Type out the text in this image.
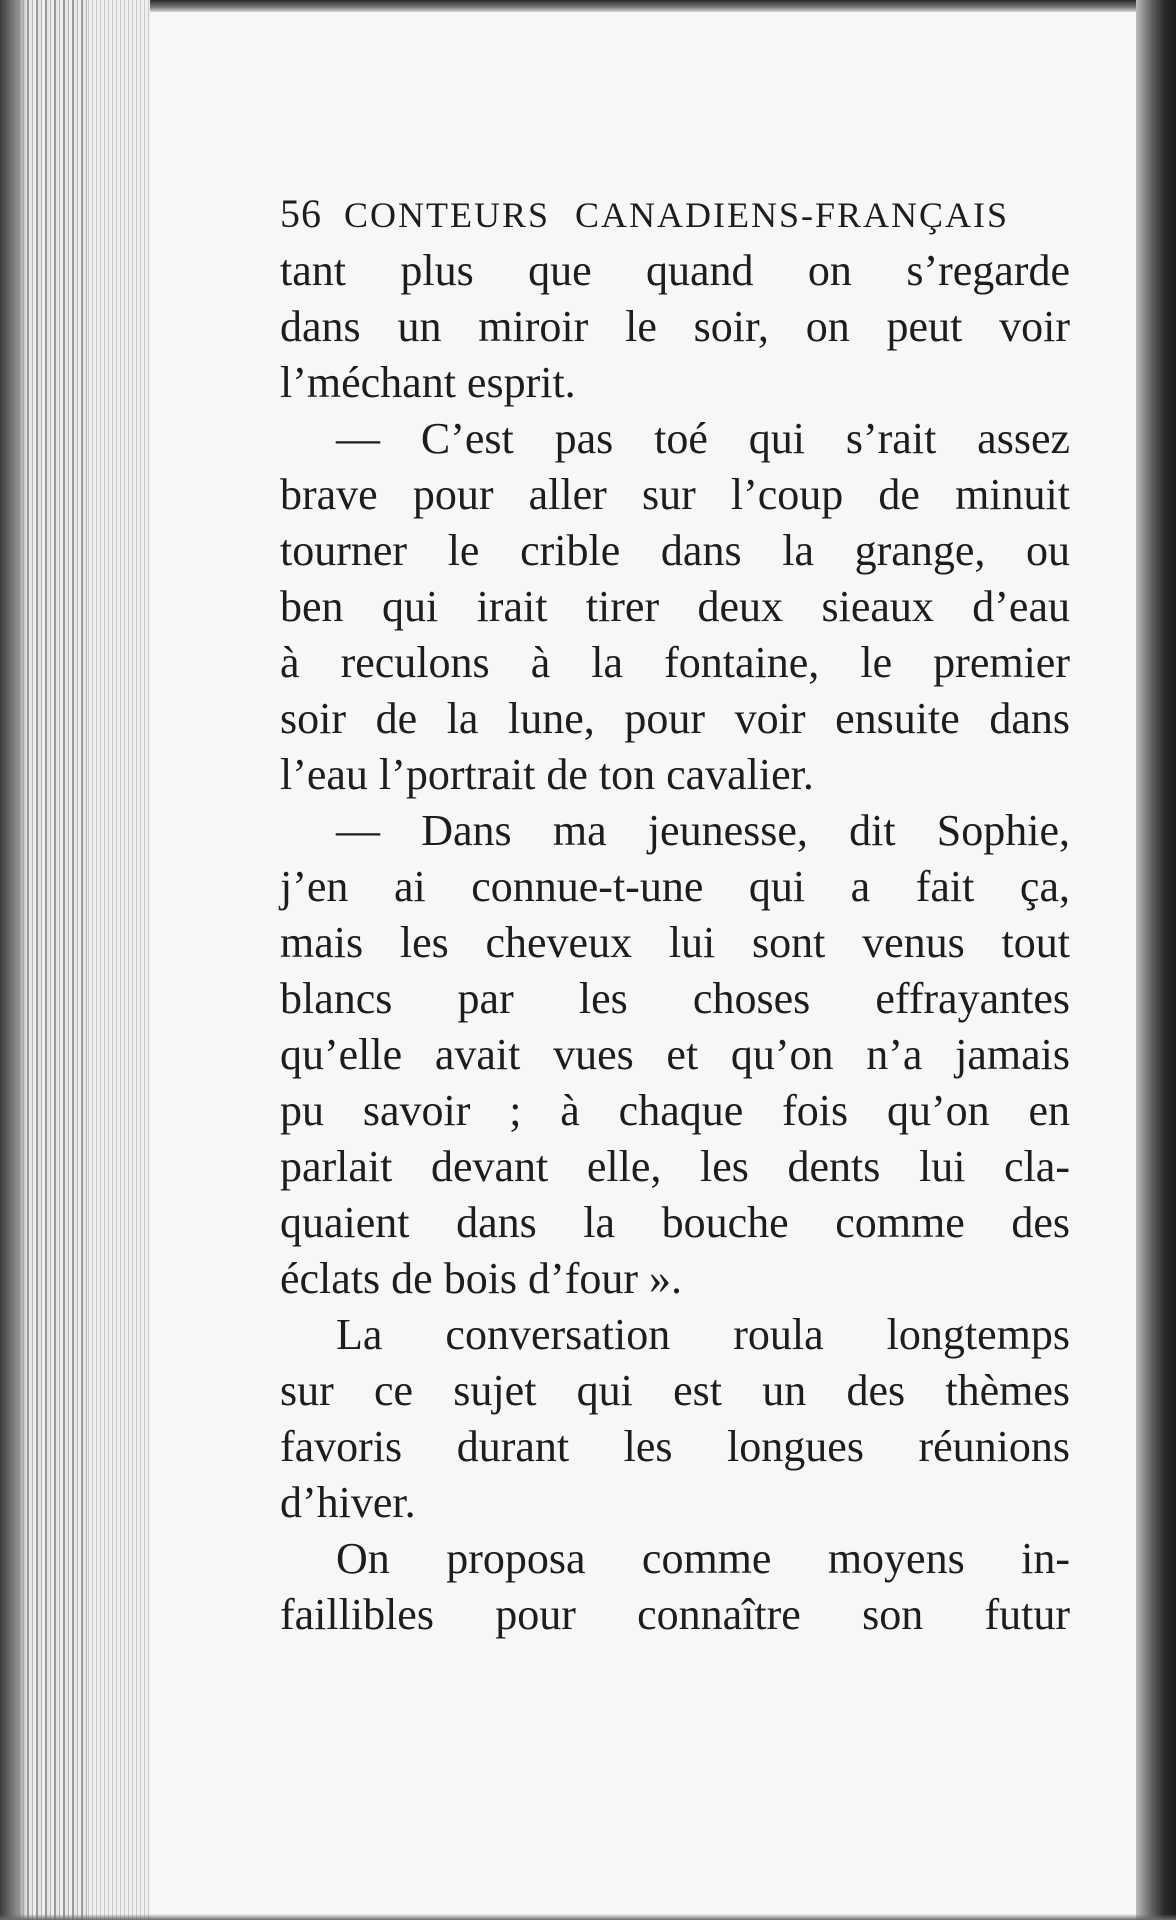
56 CONTEURS CANADIENS-FRANÇAIS
tant plus que quand on s’regarde
dans un miroir le soir, on peut voir
l’méchant esprit.
— C’est pas toé qui s’rait assez
brave pour aller sur l’coup de minuit
tourner le crible dans la grange, ou
ben qui irait tirer deux sieaux d’eau
à reculons à la fontaine, le premier
soir de la lune, pour voir ensuite dans
l’eau l’portrait de ton cavalier.
— Dans ma jeunesse, dit Sophie,
j’en ai connue-t-une qui a fait ça,
mais les cheveux lui sont venus tout
blancs par les choses effrayantes
qu’elle avait vues et qu’on n’a jamais
pu savoir ; à chaque fois qu’on en
parlait devant elle, les dents lui cla-
quaient dans la bouche comme des
éclats de bois d’four ».
La conversation roula longtemps
sur ce sujet qui est un des thèmes
favoris durant les longues réunions
d’hiver.
On proposa comme moyens in-
faillibles pour connaître son futur
